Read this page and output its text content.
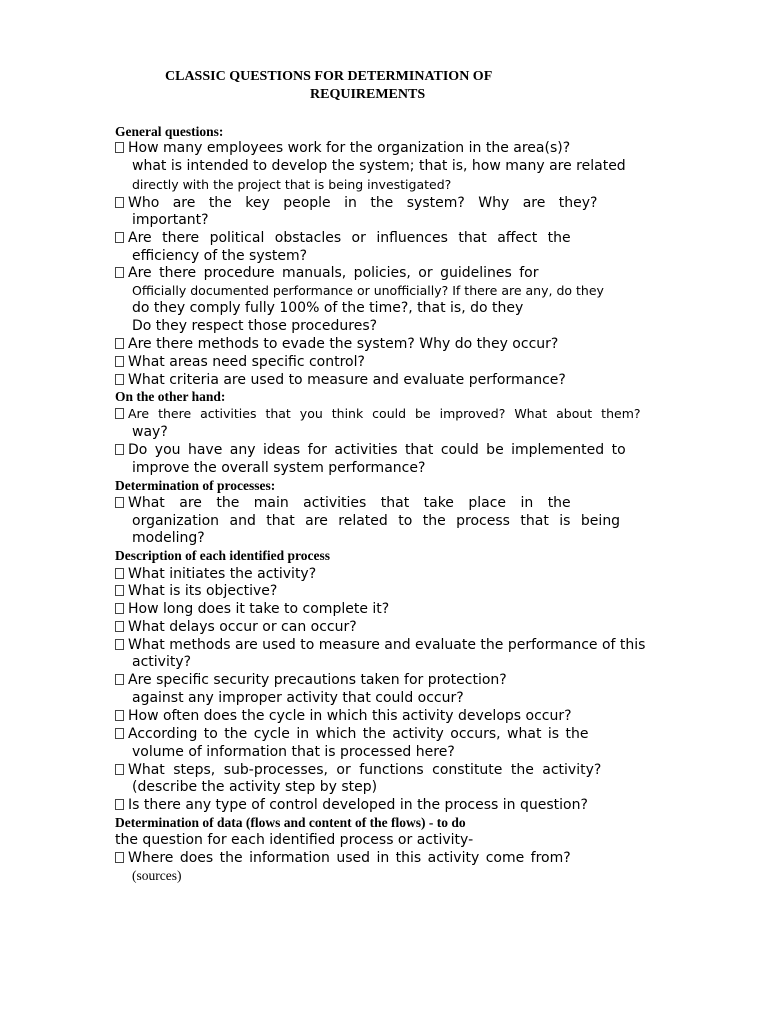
CLASSIC QUESTIONS FOR DETERMINATION OF
REQUIREMENTS
General questions:
How many employees work for the organization in the area(s)?
what is intended to develop the system; that is, how many are related
directly with the project that is being investigated?
Who are the key people in the system? Why are they?
important?
Are there political obstacles or influences that affect the
efficiency of the system?
Are there procedure manuals, policies, or guidelines for
Officially documented performance or unofficially? If there are any, do they
do they comply fully 100% of the time?, that is, do they
Do they respect those procedures?
Are there methods to evade the system? Why do they occur?
What areas need specific control?
What criteria are used to measure and evaluate performance?
On the other hand:
Are there activities that you think could be improved? What about them?
way?
Do you have any ideas for activities that could be implemented to
improve the overall system performance?
Determination of processes:
What are the main activities that take place in the
organization and that are related to the process that is being
modeling?
Description of each identified process
What initiates the activity?
What is its objective?
How long does it take to complete it?
What delays occur or can occur?
What methods are used to measure and evaluate the performance of this
activity?
Are specific security precautions taken for protection?
against any improper activity that could occur?
How often does the cycle in which this activity develops occur?
According to the cycle in which the activity occurs, what is the
volume of information that is processed here?
What steps, sub-processes, or functions constitute the activity?
(describe the activity step by step)
Is there any type of control developed in the process in question?
Determination of data (flows and content of the flows) - to do
the question for each identified process or activity-
Where does the information used in this activity come from?
(sources)
